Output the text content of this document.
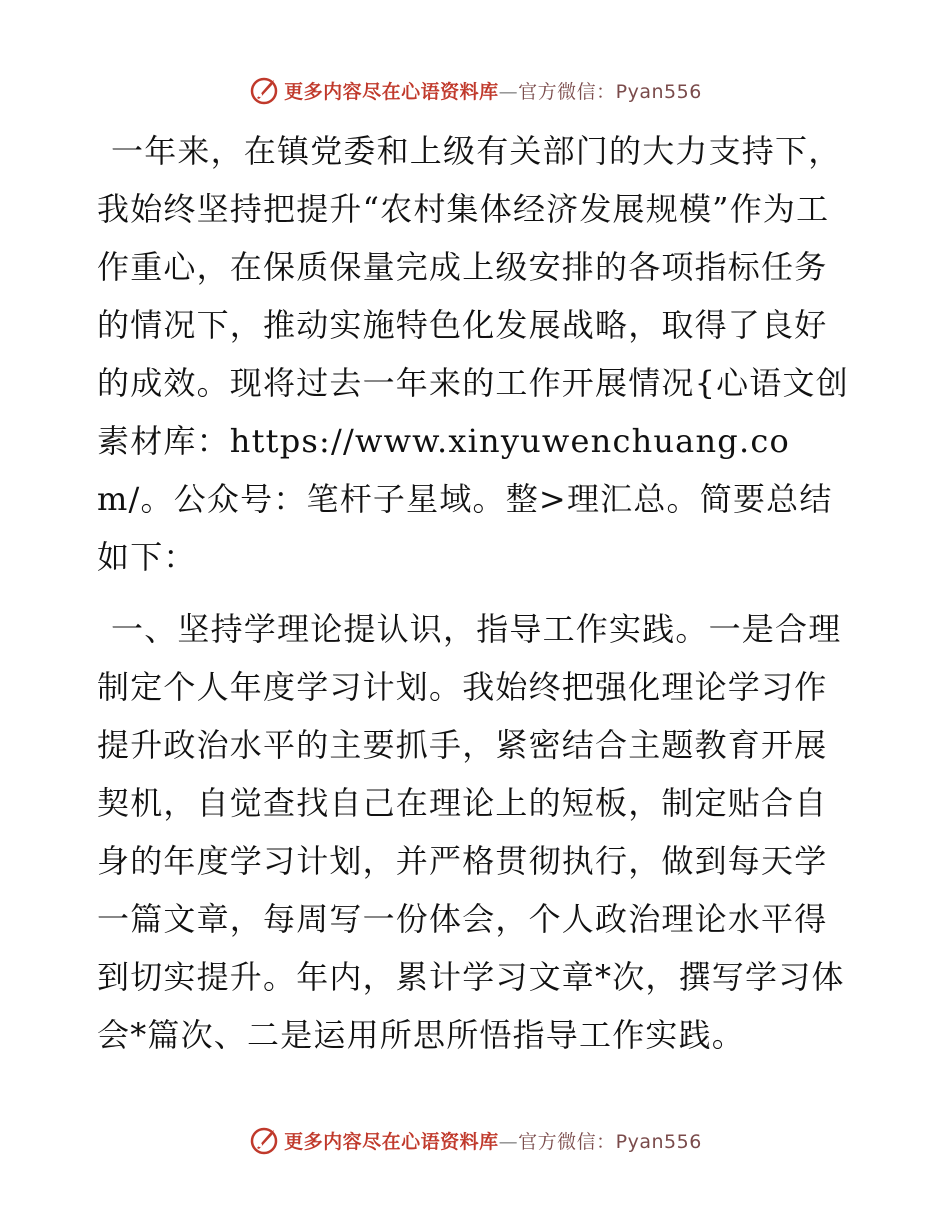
更多内容尽在心语资料库—官方微信：Pyan556

一年来，在镇党委和上级有关部门的大力支持下，我始终坚持把提升“农村集体经济发展规模”作为工作重心，在保质保量完成上级安排的各项指标任务的情况下，推动实施特色化发展战略，取得了良好的成效。现将过去一年来的工作开展情况{心语文创素材库：https://www.xinyuwenchuang.com/。公众号：笔杆子星域。整>理汇总。简要总结如下：

一、坚持学理论提认识，指导工作实践。一是合理制定个人年度学习计划。我始终把强化理论学习作提升政治水平的主要抓手，紧密结合主题教育开展契机，自觉查找自己在理论上的短板，制定贴合自身的年度学习计划，并严格贯彻执行，做到每天学一篇文章，每周写一份体会，个人政治理论水平得到切实提升。年内，累计学习文章*次，撰写学习体会*篇次、二是运用所思所悟指导工作实践。

更多内容尽在心语资料库—官方微信：Pyan556
